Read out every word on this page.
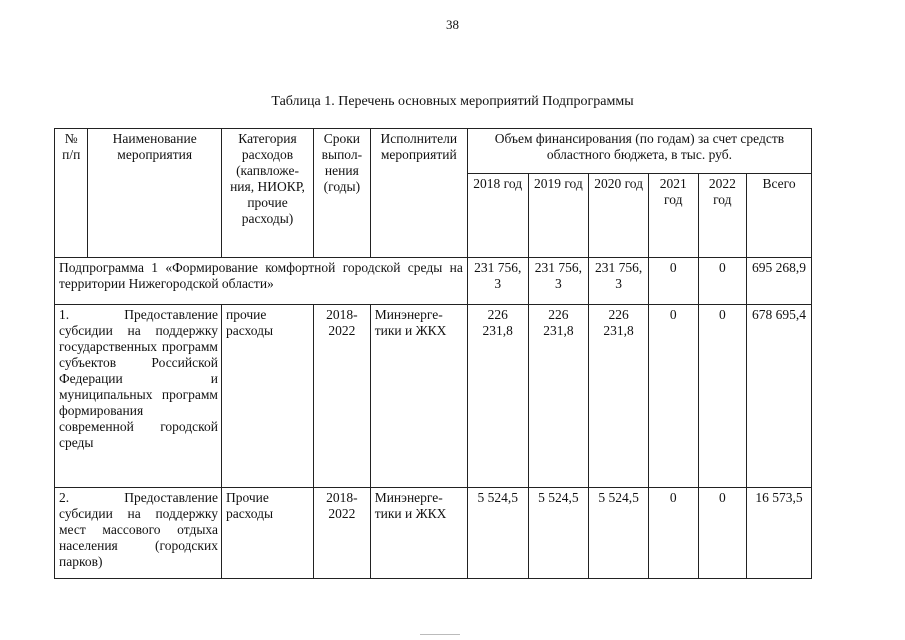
38
Таблица 1. Перечень основных мероприятий Подпрограммы
№ п/п	Наименование мероприятия	Категория расходов (капвложе-ния, НИОКР, прочие расходы)	Сроки выпол-нения (годы)	Исполнители мероприятий	Объем финансирования (по годам) за счет средств областного бюджета, в тыс. руб.					
					2018 год	2019 год	2020 год	2021 год	2022 год	Всего
Подпрограмма 1 «Формирование комфортной городской среды на территории Нижегородской области»					231 756, 3	231 756, 3	231 756, 3	0	0	695 268,9
1. Предоставление субсидии на поддержку государственных программ субъектов Российской Федерации и муниципальных программ формирования современной городской среды		прочие расходы	2018-2022	Минэнерге-тики и ЖКХ	226 231,8	226 231,8	226 231,8	0	0	678 695,4
2. Предоставление субсидии на поддержку мест массового отдыха населения (городских парков)		Прочие расходы	2018-2022	Минэнерге-тики и ЖКХ	5 524,5	5 524,5	5 524,5	0	0	16 573,5
